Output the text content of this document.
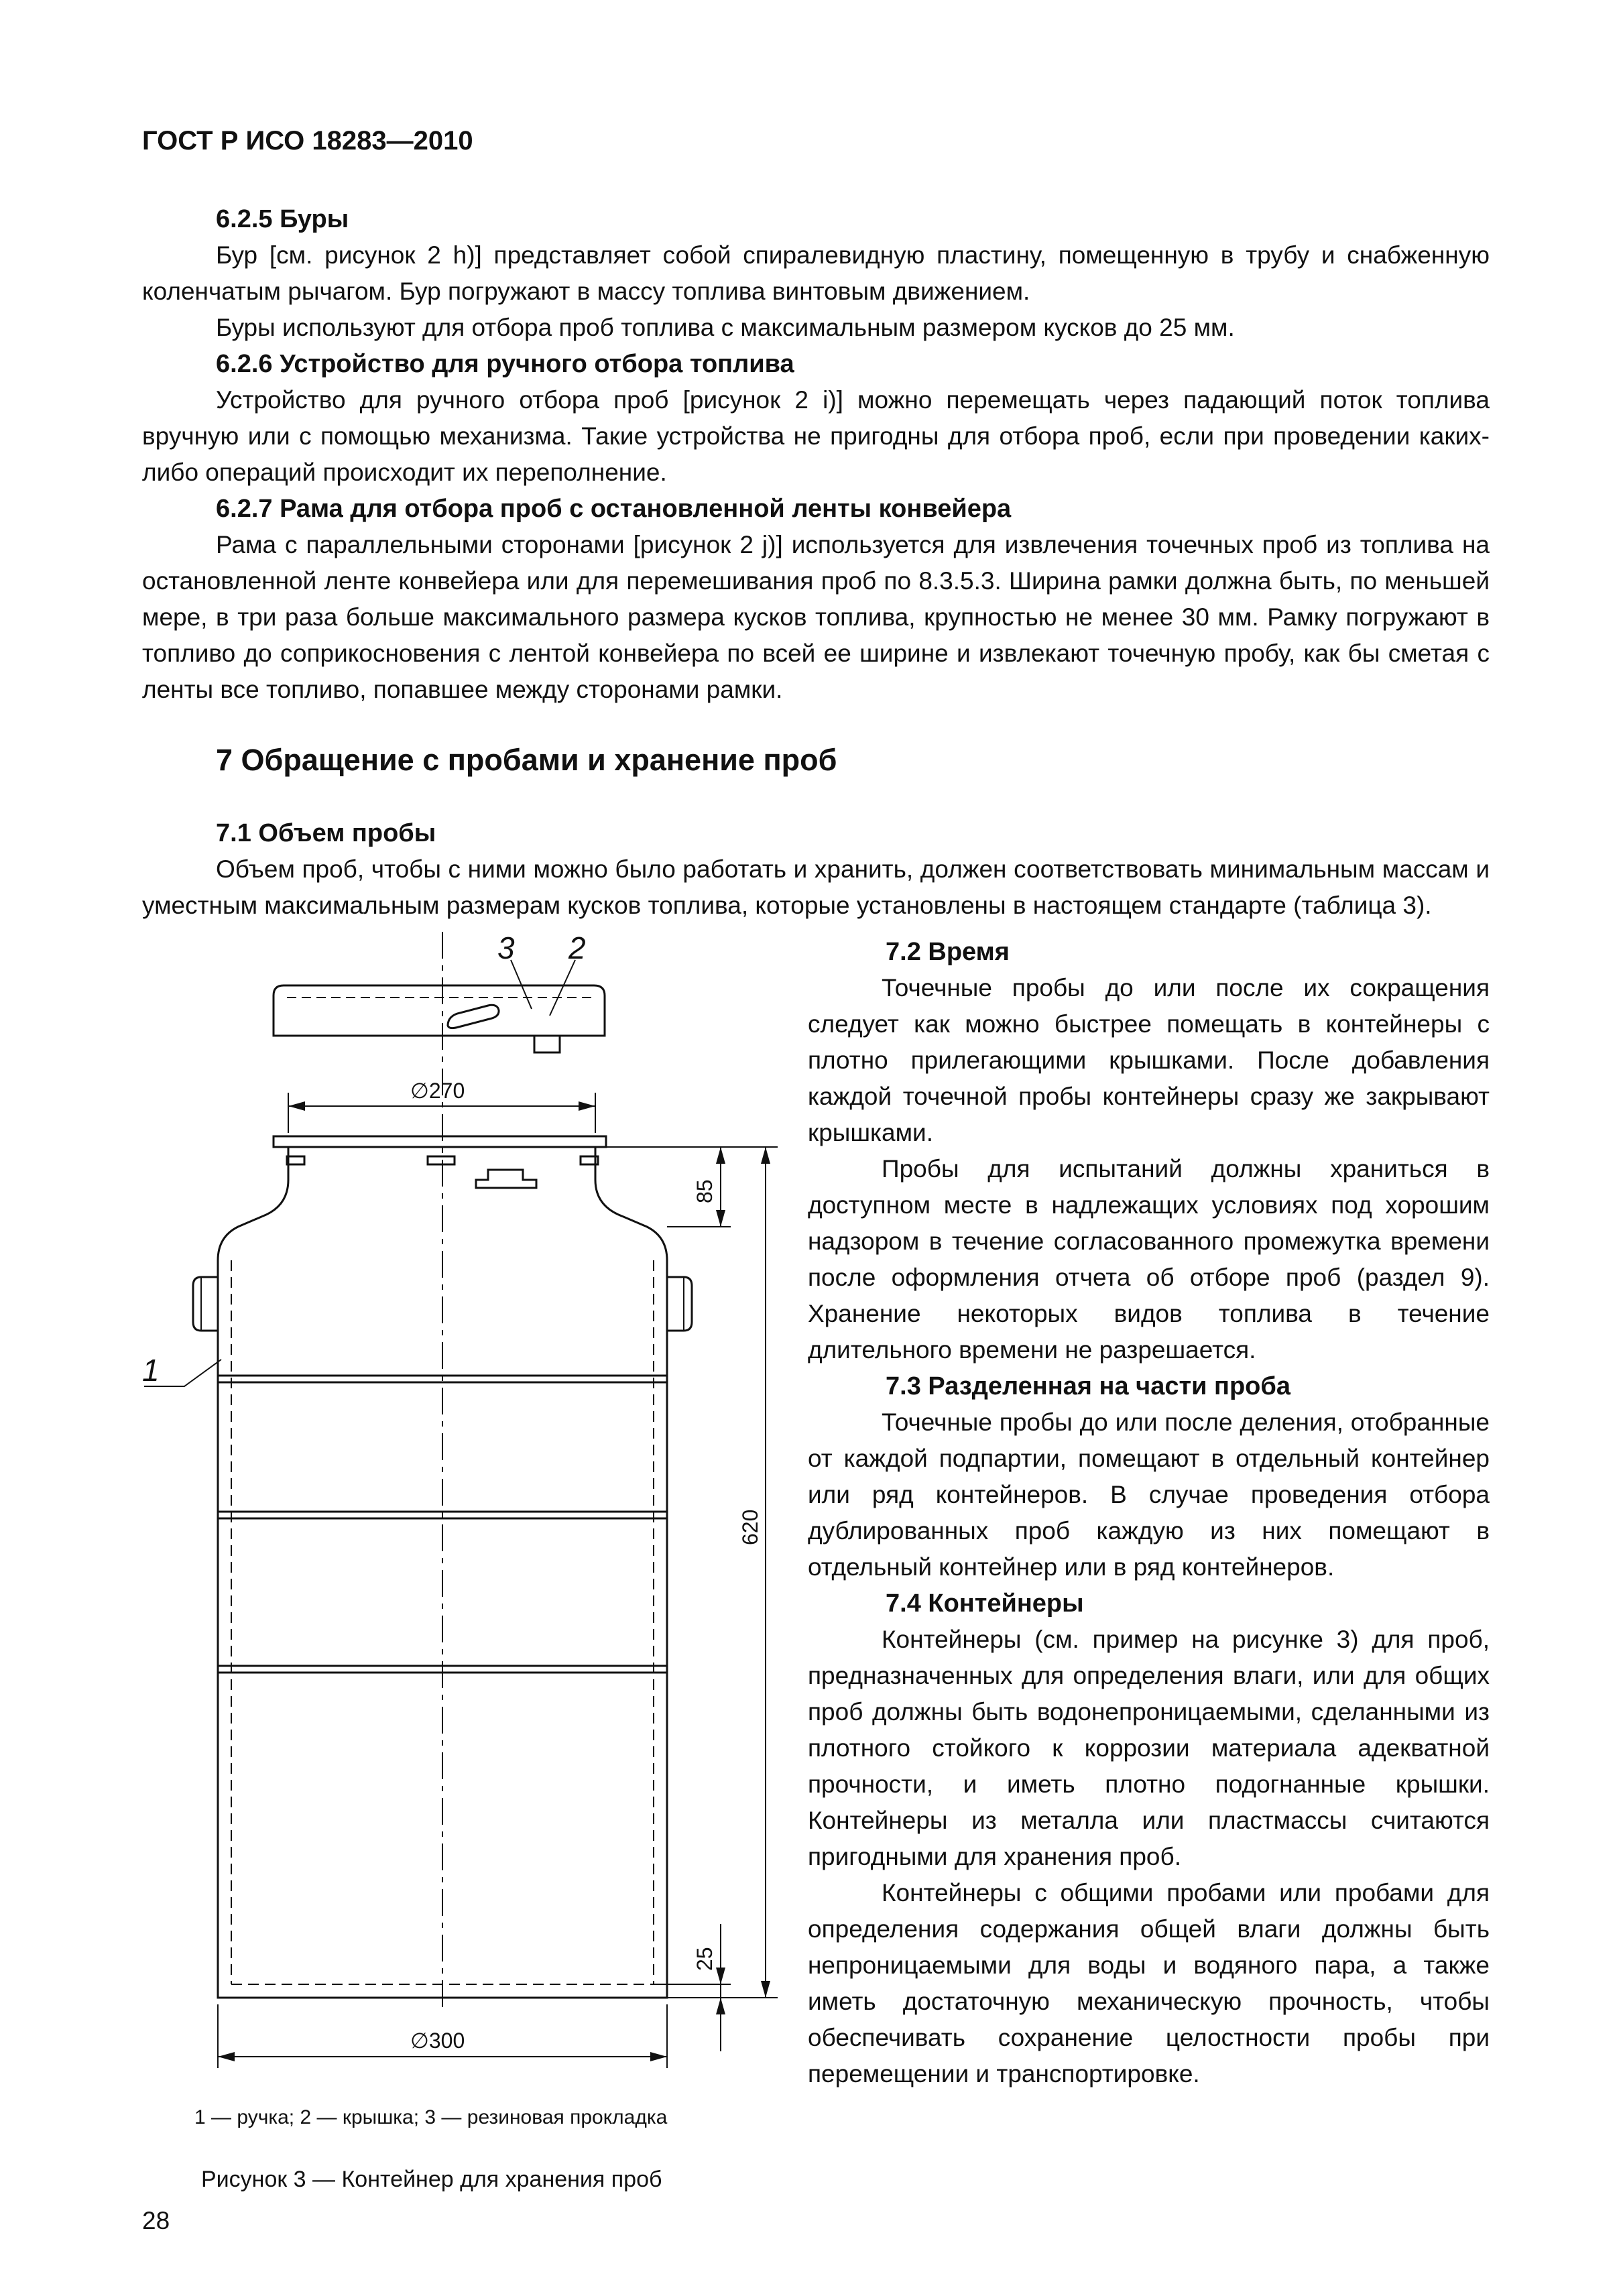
ГОСТ Р ИСО 18283—2010
6.2.5 Буры

Бур [см. рисунок 2 h)] представляет собой спиралевидную пластину, помещенную в трубу и снабженную коленчатым рычагом. Бур погружают в массу топлива винтовым движением.

Буры используют для отбора проб топлива с максимальным размером кусков до 25 мм.

6.2.6 Устройство для ручного отбора топлива

Устройство для ручного отбора проб [рисунок 2 i)] можно перемещать через падающий поток топлива вручную или с помощью механизма. Такие устройства не пригодны для отбора проб, если при проведении каких-либо операций происходит их переполнение.

6.2.7 Рама для отбора проб с остановленной ленты конвейера

Рама с параллельными сторонами [рисунок 2 j)] используется для извлечения точечных проб из топлива на остановленной ленте конвейера или для перемешивания проб по 8.3.5.3. Ширина рамки должна быть, по меньшей мере, в три раза больше максимального размера кусков топлива, крупностью не менее 30 мм. Рамку погружают в топливо до соприкосновения с лентой конвейера по всей ее ширине и извлекают точечную пробу, как бы сметая с ленты все топливо, попавшее между сторонами рамки.

7 Обращение с пробами и хранение проб
7.1 Объем пробы

Объем проб, чтобы с ними можно было работать и хранить, должен соответствовать минимальным массам и уместным максимальным размерам кусков топлива, которые установлены в настоящем стандарте (таблица 3).

7.2 Время

Точечные пробы до или после их сокращения следует как можно быстрее помещать в контейнеры с плотно прилегающими крышками. После добавления каждой точечной пробы контейнеры сразу же закрывают крышками.

Пробы для испытаний должны храниться в доступном месте в надлежащих условиях под хорошим надзором в течение согласованного промежутка времени после оформления отчета об отборе проб (раздел 9). Хранение некоторых видов топлива в течение длительного времени не разрешается.

7.3 Разделенная на части проба

Точечные пробы до или после деления, отобранные от каждой подпартии, помещают в отдельный контейнер или ряд контейнеров. В случае проведения отбора дублированных проб каждую из них помещают в отдельный контейнер или в ряд контейнеров.

7.4 Контейнеры

Контейнеры (см. пример на рисунке 3) для проб, предназначенных для определения влаги, или для общих проб должны быть водонепроницаемыми, сделанными из плотного стойкого к коррозии материала адекватной прочности, и иметь плотно подогнанные крышки. Контейнеры из металла или пластмассы считаются пригодными для хранения проб.

Контейнеры с общими пробами или пробами для определения содержания общей влаги должны быть непроницаемыми для воды и водяного пара, а также иметь достаточную механическую прочность, чтобы обеспечивать сохранение целостности пробы при перемещении и транспортировке.

3 2
1
∅270
∅300
85
620
25
1 — ручка; 2 — крышка; 3 — резиновая прокладка
Рисунок 3 — Контейнер для хранения проб
28
